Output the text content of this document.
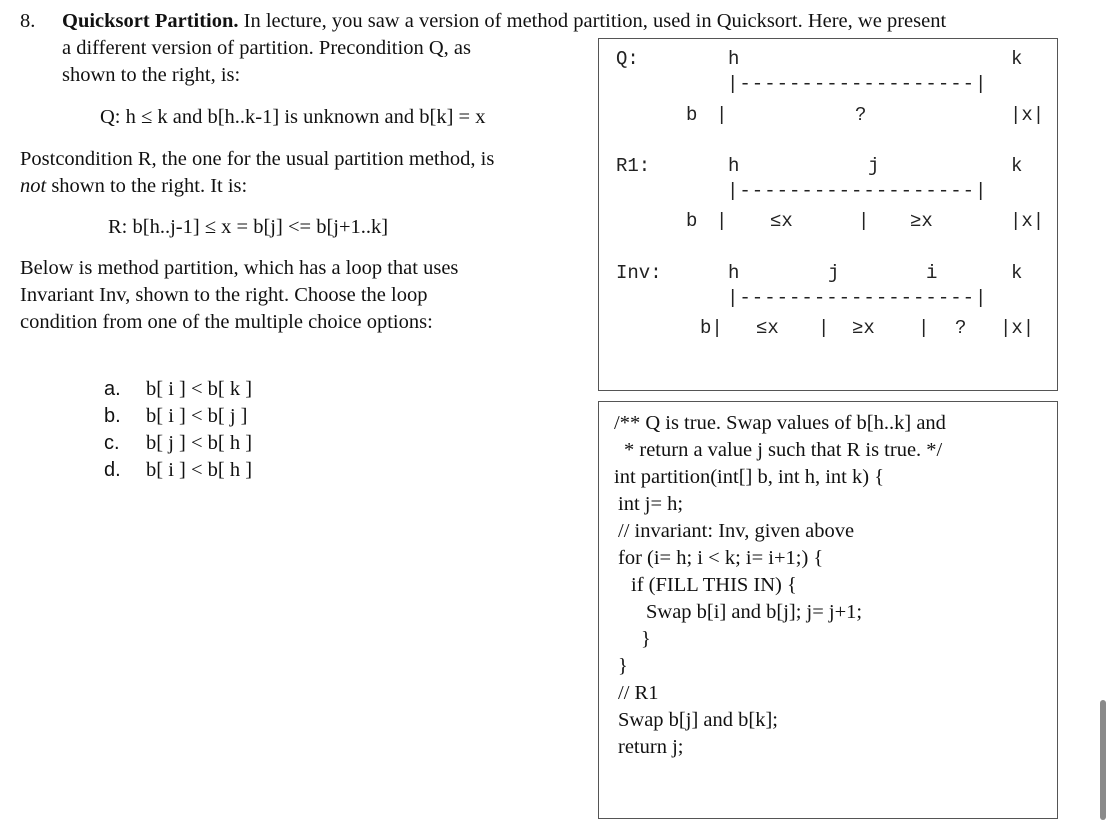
8. Quicksort Partition. In lecture, you saw a version of method partition, used in Quicksort. Here, we present
a different version of partition. Precondition Q, as
shown to the right, is:
Q: h ≤ k and b[h..k-1] is unknown and b[k] = x
Postcondition R, the one for the usual partition method, is
not shown to the right. It is:
R: b[h..j-1] ≤ x = b[j] <= b[j+1..k]
Below is method partition, which has a loop that uses
Invariant Inv, shown to the right. Choose the loop
condition from one of the multiple choice options:
a. b[ i ] < b[ k ]
b. b[ i ] < b[ j ]
c. b[ j ] < b[ h ]
d. b[ i ] < b[ h ]
Q:	h	k
|-------------------|
b |	?	|x|
R1:	h	j	k
|-------------------|
b | ≤x	| ≥x	|x|
Inv:	h	j	i	k
|-------------------|
b| ≤x | ≥x | ? |x|
/** Q is true. Swap values of b[h..k] and
* return a value j such that R is true. */
int partition(int[] b, int h, int k) {
int j= h;
// invariant: Inv, given above
for (i= h; i < k; i= i+1;) {
if (FILL THIS IN) {
Swap b[i] and b[j]; j= j+1;
}
}
// R1
Swap b[j] and b[k];
return j;
